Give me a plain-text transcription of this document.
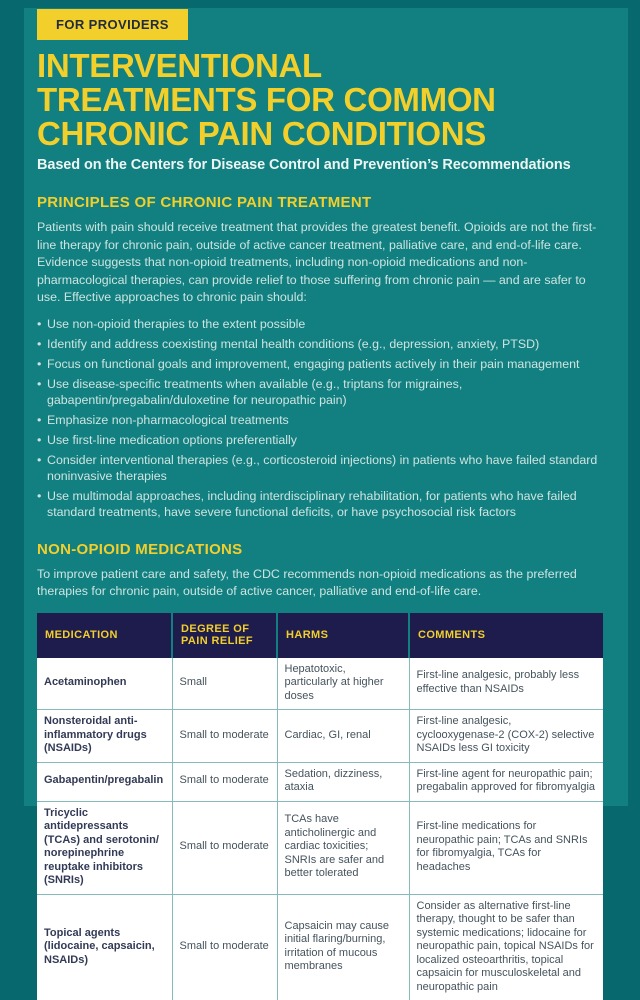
FOR PROVIDERS
INTERVENTIONAL
TREATMENTS FOR COMMON
CHRONIC PAIN CONDITIONS
Based on the Centers for Disease Control and Prevention’s Recommendations
PRINCIPLES OF CHRONIC PAIN TREATMENT

Patients with pain should receive treatment that provides the greatest benefit. Opioids are not the first-line therapy for chronic pain, outside of active cancer treatment, palliative care, and end-of-life care. Evidence suggests that non-opioid treatments, including non-opioid medications and non-pharmacological therapies, can provide relief to those suffering from chronic pain — and are safer to use. Effective approaches to chronic pain should:

• Use non-opioid therapies to the extent possible
• Identify and address coexisting mental health conditions (e.g., depression, anxiety, PTSD)
• Focus on functional goals and improvement, engaging patients actively in their pain management
• Use disease-specific treatments when available (e.g., triptans for migraines, gabapentin/pregabalin/duloxetine for neuropathic pain)
• Emphasize non-pharmacological treatments
• Use first-line medication options preferentially
• Consider interventional therapies (e.g., corticosteroid injections) in patients who have failed standard noninvasive therapies
• Use multimodal approaches, including interdisciplinary rehabilitation, for patients who have failed standard treatments, have severe functional deficits, or have psychosocial risk factors
NON-OPIOID MEDICATIONS

To improve patient care and safety, the CDC recommends non-opioid medications as the preferred therapies for chronic pain, outside of active cancer, palliative and end-of-life care.

MEDICATION	DEGREE OF PAIN RELIEF	HARMS	COMMENTS
Acetaminophen	Small	Hepatotoxic, particularly at higher doses	First-line analgesic, probably less effective than NSAIDs
Nonsteroidal anti-inflammatory drugs (NSAIDs)	Small to moderate	Cardiac, GI, renal	First-line analgesic, cyclooxygenase-2 (COX-2) selective NSAIDs less GI toxicity
Gabapentin/pregabalin	Small to moderate	Sedation, dizziness, ataxia	First-line agent for neuropathic pain; pregabalin approved for fibromyalgia
Tricyclic antidepressants (TCAs) and serotonin/ norepinephrine reuptake inhibitors (SNRIs)	Small to moderate	TCAs have anticholinergic and cardiac toxicities; SNRIs are safer and better tolerated	First-line medications for neuropathic pain; TCAs and SNRIs for fibromyalgia, TCAs for headaches
Topical agents (lidocaine, capsaicin, NSAIDs)	Small to moderate	Capsaicin may cause initial flaring/burning, irritation of mucous membranes	Consider as alternative first-line therapy, thought to be safer than systemic medications; lidocaine for neuropathic pain, topical NSAIDs for localized osteoarthritis, topical capsaicin for musculoskeletal and neuropathic pain
